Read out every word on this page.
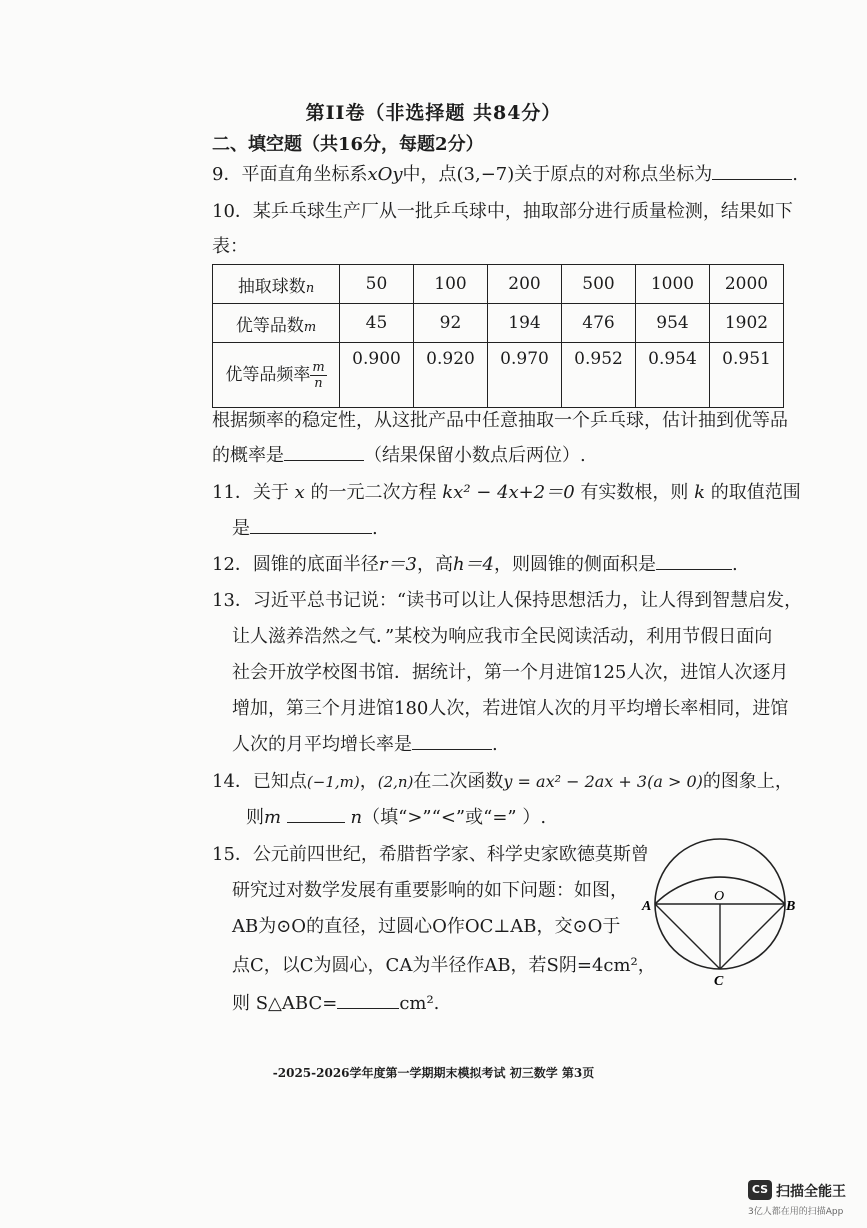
第II卷（非选择题 共84分）
二、填空题（共16分，每题2分）
9．平面直角坐标系xOy中，点(3,−7)关于原点的对称点坐标为	.
10．某乒乓球生产厂从一批乒乓球中，抽取部分进行质量检测，结果如下
表：
抽取球数n	50	100	200	500	1000	2000
优等品数m	45	92	194	476	954	1902
优等品频率 $\frac{m}{n}$	0.900	0.920	0.970	0.952	0.954	0.951
根据频率的稳定性，从这批产品中任意抽取一个乒乓球，估计抽到优等品
的概率是	（结果保留小数点后两位）.
11．关于 x 的一元二次方程 kx² − 4x+2＝0 有实数根，则 k 的取值范围
是	.
12．圆锥的底面半径r＝3，高h＝4，则圆锥的侧面积是	.
13．习近平总书记说：“读书可以让人保持思想活力，让人得到智慧启发，
让人滋养浩然之气．”某校为响应我市全民阅读活动，利用节假日面向
社会开放学校图书馆．据统计，第一个月进馆125人次，进馆人次逐月
增加，第三个月进馆180人次，若进馆人次的月平均增长率相同，进馆
人次的月平均增长率是	.
14．已知点(−1,m)，(2,n)在二次函数y = ax² − 2ax + 3(a > 0)的图象上，
则m	n（填“>”“<”或“=” ）.
15．公元前四世纪，希腊哲学家、科学史家欧德莫斯曾
研究过对数学发展有重要影响的如下问题：如图，
AB为⊙O的直径，过圆心O作OC⊥AB，交⊙O于
点C，以C为圆心，CA为半径作AB，若S阴=4cm²，
则 S△ABC=	cm².
A	B
O
C
-2025-2026学年度第一学期期末模拟考试 初三数学 第3页
CS 扫描全能王
3亿人都在用的扫描App
